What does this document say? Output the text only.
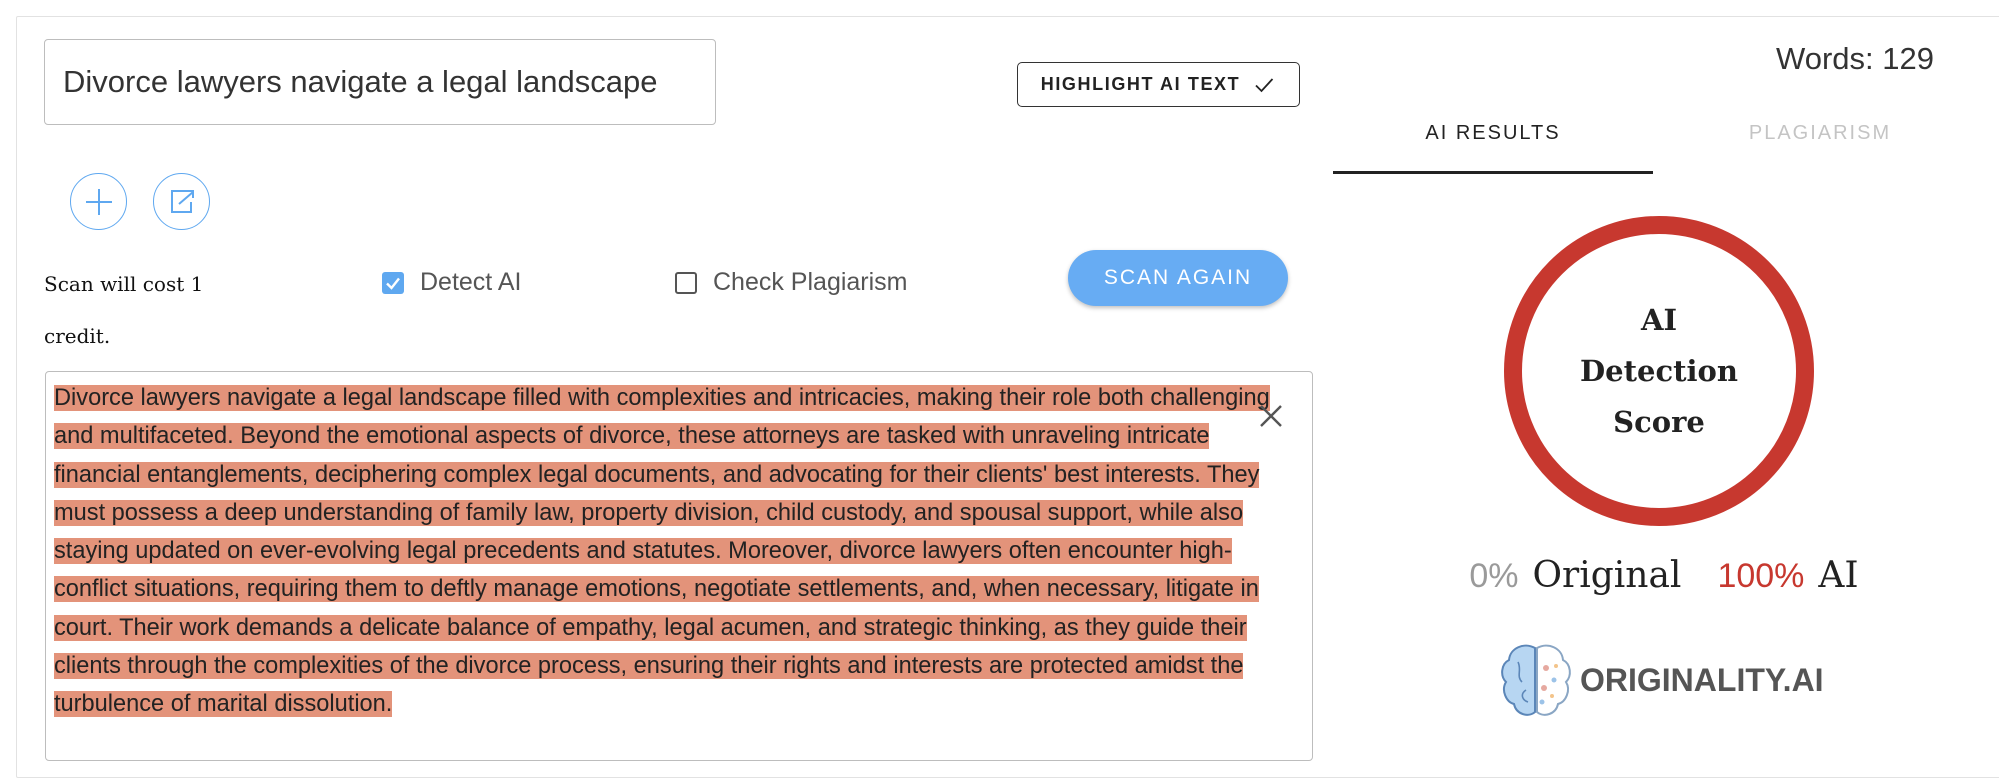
Divorce lawyers navigate a legal landscape
HIGHLIGHT AI TEXT
Scan will cost 1 credit.
Detect AI	Check Plagiarism	SCAN AGAIN
Divorce lawyers navigate a legal landscape filled with complexities and intricacies, making their role both challenging and multifaceted. Beyond the emotional aspects of divorce, these attorneys are tasked with unraveling intricate financial entanglements, deciphering complex legal documents, and advocating for their clients' best interests. They must possess a deep understanding of family law, property division, child custody, and spousal support, while also staying updated on ever-evolving legal precedents and statutes. Moreover, divorce lawyers often encounter high-conflict situations, requiring them to deftly manage emotions, negotiate settlements, and, when necessary, litigate in court. Their work demands a delicate balance of empathy, legal acumen, and strategic thinking, as they guide their clients through the complexities of the divorce process, ensuring their rights and interests are protected amidst the turbulence of marital dissolution.
Words: 129
AI RESULTS	PLAGIARISM
AI Detection Score
0% Original 100% AI
ORIGINALITY.AI
